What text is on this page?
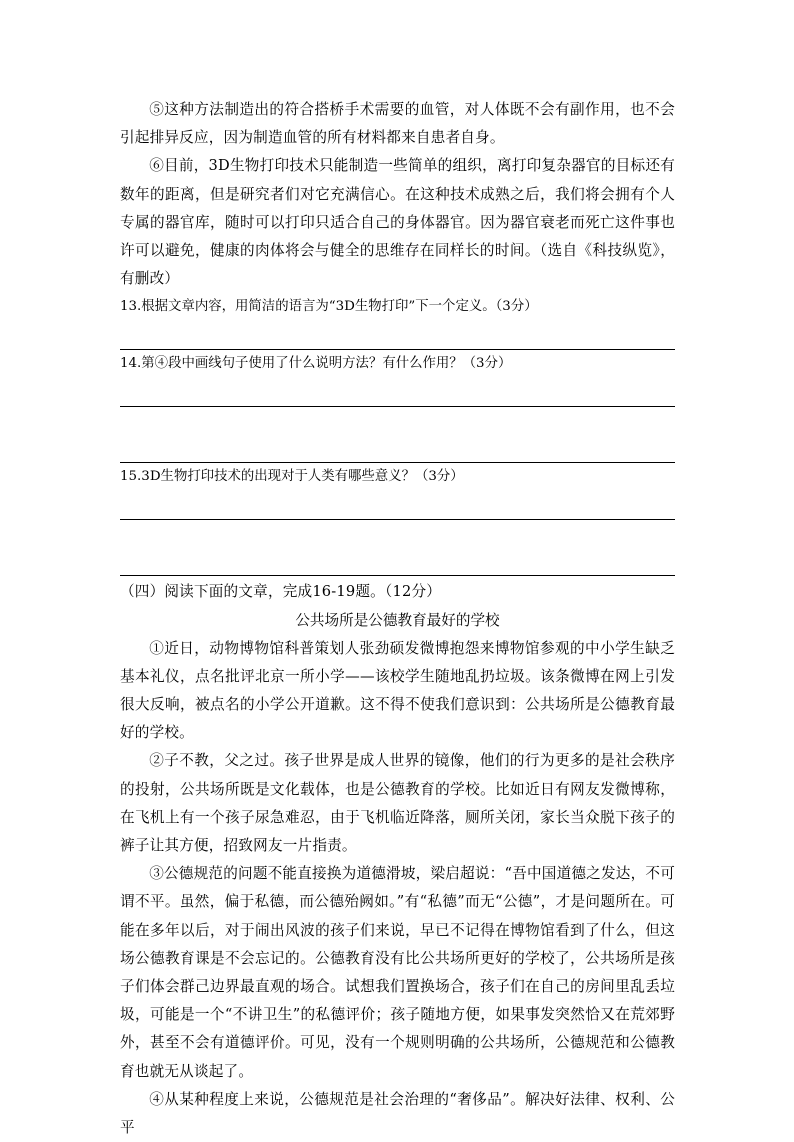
⑤这种方法制造出的符合搭桥手术需要的血管，对人体既不会有副作用，也不会引起排异反应，因为制造血管的所有材料都来自患者自身。

⑥目前，3D生物打印技术只能制造一些简单的组织，离打印复杂器官的目标还有数年的距离，但是研究者们对它充满信心。在这种技术成熟之后，我们将会拥有个人专属的器官库，随时可以打印只适合自己的身体器官。因为器官衰老而死亡这件事也许可以避免，健康的肉体将会与健全的思维存在同样长的时间。（选自《科技纵览》，有删改）

13.根据文章内容，用简洁的语言为“3D生物打印”下一个定义。（3分）

14.第④段中画线句子使用了什么说明方法？有什么作用？（3分）

15.3D生物打印技术的出现对于人类有哪些意义？（3分）

（四）阅读下面的文章，完成16-19题。（12分）

公共场所是公德教育最好的学校

①近日，动物博物馆科普策划人张劲硕发微博抱怨来博物馆参观的中小学生缺乏基本礼仪，点名批评北京一所小学——该校学生随地乱扔垃圾。该条微博在网上引发很大反响，被点名的小学公开道歉。这不得不使我们意识到：公共场所是公德教育最好的学校。

②子不教，父之过。孩子世界是成人世界的镜像，他们的行为更多的是社会秩序的投射，公共场所既是文化载体，也是公德教育的学校。比如近日有网友发微博称，在飞机上有一个孩子尿急难忍，由于飞机临近降落，厕所关闭，家长当众脱下孩子的裤子让其方便，招致网友一片指责。

③公德规范的问题不能直接换为道德滑坡，梁启超说：“吾中国道德之发达，不可谓不平。虽然，偏于私德，而公德殆阙如。”有“私德”而无“公德”，才是问题所在。可能在多年以后，对于闹出风波的孩子们来说，早已不记得在博物馆看到了什么，但这场公德教育课是不会忘记的。公德教育没有比公共场所更好的学校了，公共场所是孩子们体会群己边界最直观的场合。试想我们置换场合，孩子们在自己的房间里乱丢垃圾，可能是一个“不讲卫生”的私德评价；孩子随地方便，如果事发突然恰又在荒郊野外，甚至不会有道德评价。可见，没有一个规则明确的公共场所，公德规范和公德教育也就无从谈起了。

④从某种程度上来说，公德规范是社会治理的“奢侈品”。解决好法律、权利、公平
